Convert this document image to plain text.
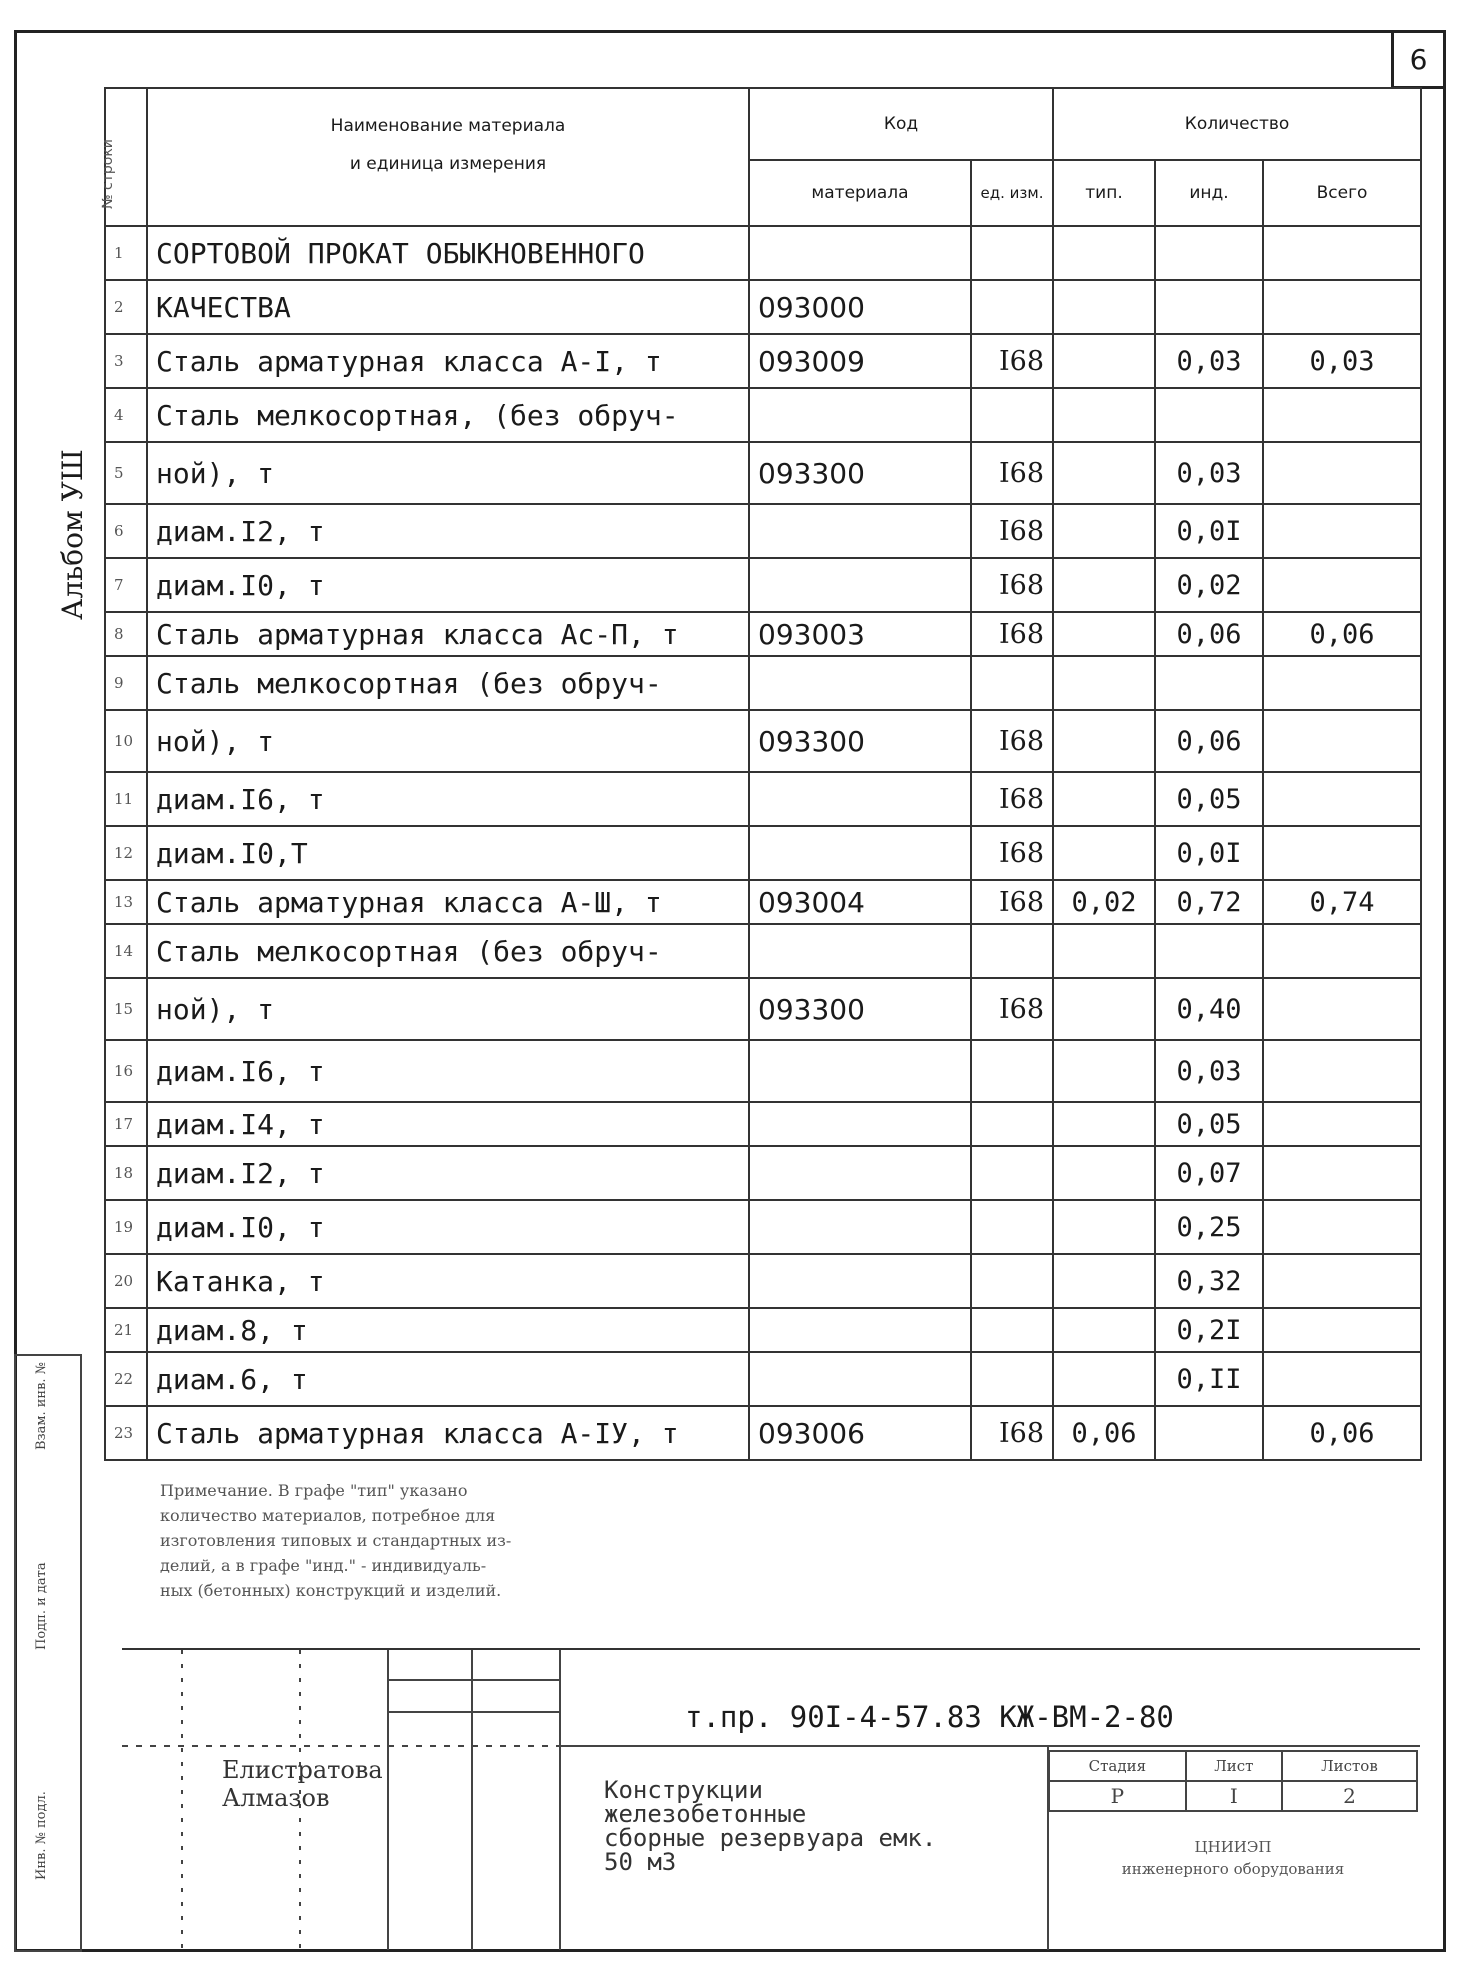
6
Альбом УШ
Взам. инв. №
Подп. и дата
Инв. № подл.
№ строки	Наименование материала
и единица измерения	Код		Количество		
		материала	ед. изм.	тип.	инд.	Всего
1	СОРТОВОЙ ПРОКАТ ОБЫКНОВЕННОГО					
2	КАЧЕСТВА	093000				
3	Сталь арматурная класса А-I, т	093009	I68		0,03	0,03
4	Сталь мелкосортная, (без обруч-					
5	ной), т	093300	I68		0,03	
6	диам.I2, т		I68		0,0I	
7	диам.I0, т		I68		0,02	
8	Сталь арматурная класса Ас-П, т	093003	I68		0,06	0,06
9	Сталь мелкосортная (без обруч-					
10	ной), т	093300	I68		0,06	
11	диам.I6, т		I68		0,05	
12	диам.I0,Т		I68		0,0I	
13	Сталь арматурная класса А-Ш, т	093004	I68	0,02	0,72	0,74
14	Сталь мелкосортная (без обруч-					
15	ной), т	093300	I68		0,40	
16	диам.I6, т				0,03	
17	диам.I4, т				0,05	
18	диам.I2, т				0,07	
19	диам.I0, т				0,25	
20	Катанка, т				0,32	
21	диам.8, т				0,2I	
22	диам.6, т				0,II	
23	Сталь арматурная класса А-IУ, т	093006	I68	0,06		0,06
Примечание. В графе "тип" указано
количество материалов, потребное для
изготовления типовых и стандартных из-
делий, а в графе "инд." - индивидуаль-
ных (бетонных) конструкций и изделий.
т.пр. 90I-4-57.83 КЖ-ВМ-2-80
Елистратова
Алмазов	Конструкции
железобетонные
сборные резервуара емк.
50 м3
Стадия	Лист	Листов
Р	I	2
ЦНИИЭП
инженерного оборудования
